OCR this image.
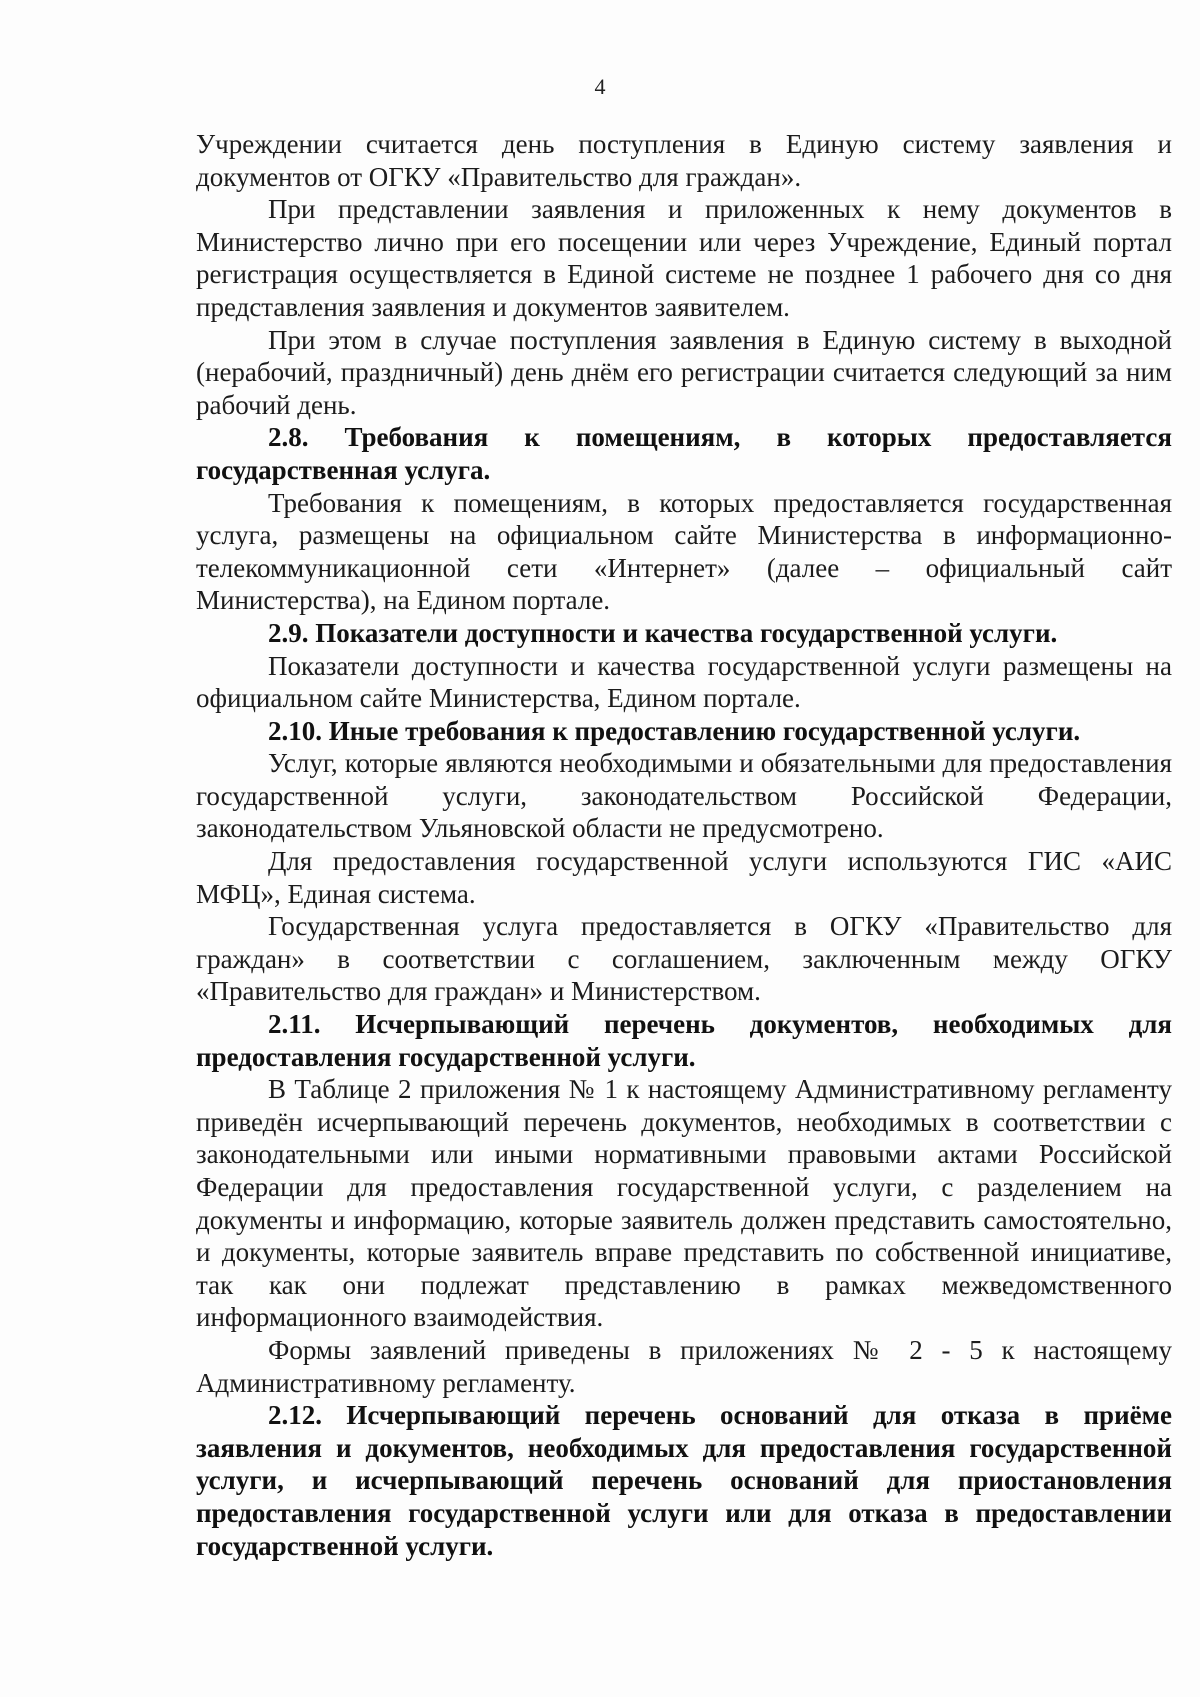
4

Учреждении считается день поступления в Единую систему заявления и документов от ОГКУ «Правительство для граждан».

При представлении заявления и приложенных к нему документов в Министерство лично при его посещении или через Учреждение, Единый портал регистрация осуществляется в Единой системе не позднее 1 рабочего дня со дня представления заявления и документов заявителем.

При этом в случае поступления заявления в Единую систему в выходной (нерабочий, праздничный) день днём его регистрации считается следующий за ним рабочий день.

2.8. Требования к помещениям, в которых предоставляется государственная услуга.

Требования к помещениям, в которых предоставляется государственная услуга, размещены на официальном сайте Министерства в информационно-телекоммуникационной сети «Интернет» (далее – официальный сайт Министерства), на Едином портале.

2.9. Показатели доступности и качества государственной услуги.

Показатели доступности и качества государственной услуги размещены на официальном сайте Министерства, Едином портале.

2.10. Иные требования к предоставлению государственной услуги.

Услуг, которые являются необходимыми и обязательными для предоставления государственной услуги, законодательством Российской Федерации, законодательством Ульяновской области не предусмотрено.

Для предоставления государственной услуги используются ГИС «АИС МФЦ», Единая система.

Государственная услуга предоставляется в ОГКУ «Правительство для граждан» в соответствии с соглашением, заключенным между ОГКУ «Правительство для граждан» и Министерством.

2.11. Исчерпывающий перечень документов, необходимых для предоставления государственной услуги.

В Таблице 2 приложения № 1 к настоящему Административному регламенту приведён исчерпывающий перечень документов, необходимых в соответствии с законодательными или иными нормативными правовыми актами Российской Федерации для предоставления государственной услуги, с разделением на документы и информацию, которые заявитель должен представить самостоятельно, и документы, которые заявитель вправе представить по собственной инициативе, так как они подлежат представлению в рамках межведомственного информационного взаимодействия.

Формы заявлений приведены в приложениях № 2 - 5 к настоящему Административному регламенту.

2.12. Исчерпывающий перечень оснований для отказа в приёме заявления и документов, необходимых для предоставления государственной услуги, и исчерпывающий перечень оснований для приостановления предоставления государственной услуги или для отказа в предоставлении государственной услуги.
